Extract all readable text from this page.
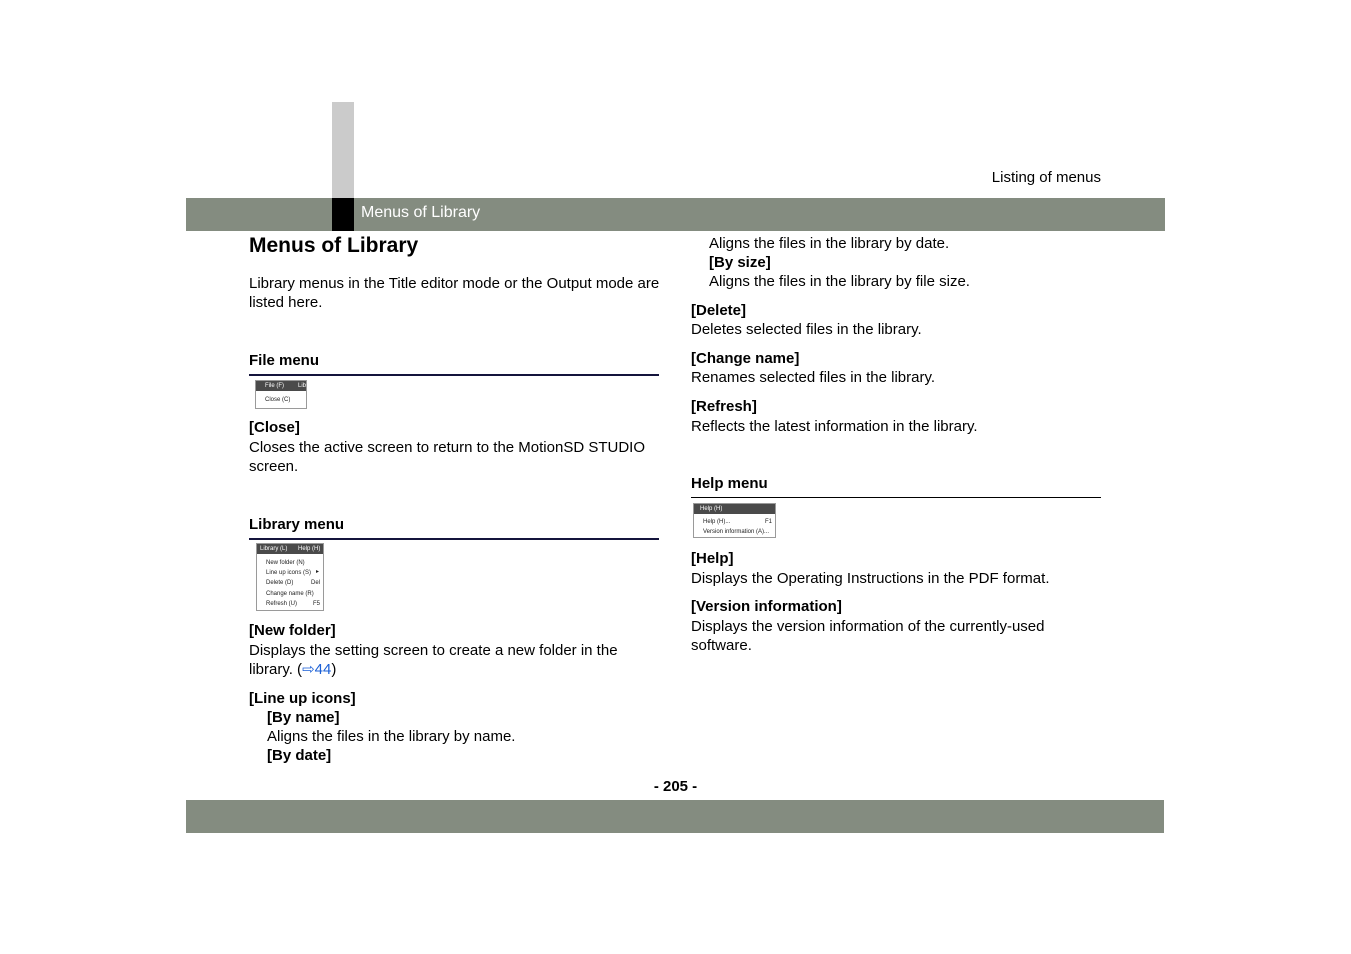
Listing of menus
Menus of Library
Menus of Library

Library menus in the Title editor mode or the Output mode are listed here.

File menu
File (F) Lib
Close (C)

[Close]

Closes the active screen to return to the MotionSD STUDIO screen.

Library menu
Library (L) Help (H)
New folder (N)
Line up icons (S)
Delete (D)
Change name (R)
Refresh (U)
▸
Del
F5

[New folder]

Displays the setting screen to create a new folder in the
library. (⇨44)

[Line up icons]

[By name]

Aligns the files in the library by name.

[By date]

Aligns the files in the library by date.

[By size]

Aligns the files in the library by file size.

[Delete]

Deletes selected files in the library.

[Change name]

Renames selected files in the library.

[Refresh]

Reflects the latest information in the library.

Help menu
Help (H)
Help (H)...
Version information (A)...
F1

[Help]

Displays the Operating Instructions in the PDF format.

[Version information]

Displays the version information of the currently-used software.

- 205 -
